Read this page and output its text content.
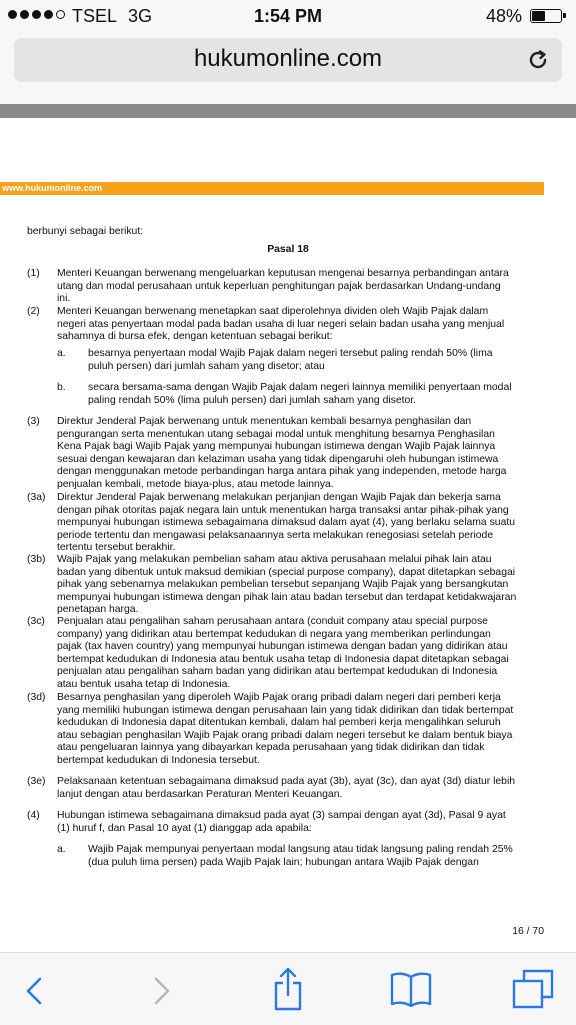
TSEL 3G	1:54 PM	48%
hukumonline.com
www.hukumonline.com
berbunyi sebagai berikut:
Pasal 18
(1) Menteri Keuangan berwenang mengeluarkan keputusan mengenai besarnya perbandingan antara
utang dan modal perusahaan untuk keperluan penghitungan pajak berdasarkan Undang-undang
ini.
(2) Menteri Keuangan berwenang menetapkan saat diperolehnya dividen oleh Wajib Pajak dalam
negeri atas penyertaan modal pada badan usaha di luar negeri selain badan usaha yang menjual
sahamnya di bursa efek, dengan ketentuan sebagai berikut:
a. besarnya penyertaan modal Wajib Pajak dalam negeri tersebut paling rendah 50% (lima
puluh persen) dari jumlah saham yang disetor; atau
b. secara bersama-sama dengan Wajib Pajak dalam negeri lainnya memiliki penyertaan modal
paling rendah 50% (lima puluh persen) dari jumlah saham yang disetor.
(3) Direktur Jenderal Pajak berwenang untuk menentukan kembali besarnya penghasilan dan
pengurangan serta menentukan utang sebagai modal untuk menghitung besarnya Penghasilan
Kena Pajak bagi Wajib Pajak yang mempunyai hubungan istimewa dengan Wajib Pajak lainnya
sesuai dengan kewajaran dan kelaziman usaha yang tidak dipengaruhi oleh hubungan istimewa
dengan menggunakan metode perbandingan harga antara pihak yang independen, metode harga
penjualan kembali, metode biaya-plus, atau metode lainnya.
(3a) Direktur Jenderal Pajak berwenang melakukan perjanjian dengan Wajib Pajak dan bekerja sama
dengan pihak otoritas pajak negara lain untuk menentukan harga transaksi antar pihak-pihak yang
mempunyai hubungan istimewa sebagaimana dimaksud dalam ayat (4), yang berlaku selama suatu
periode tertentu dan mengawasi pelaksanaannya serta melakukan renegosiasi setelah periode
tertentu tersebut berakhir.
(3b) Wajib Pajak yang melakukan pembelian saham atau aktiva perusahaan melalui pihak lain atau
badan yang dibentuk untuk maksud demikian (special purpose company), dapat ditetapkan sebagai
pihak yang sebenarnya melakukan pembelian tersebut sepanjang Wajib Pajak yang bersangkutan
mempunyai hubungan istimewa dengan pihak lain atau badan tersebut dan terdapat ketidakwajaran
penetapan harga.
(3c) Penjualan atau pengalihan saham perusahaan antara (conduit company atau special purpose
company) yang didirikan atau bertempat kedudukan di negara yang memberikan perlindungan
pajak (tax haven country) yang mempunyai hubungan istimewa dengan badan yang didirikan atau
bertempat kedudukan di Indonesia atau bentuk usaha tetap di Indonesia dapat ditetapkan sebagai
penjualan atau pengalihan saham badan yang didirikan atau bertempat kedudukan di Indonesia
atau bentuk usaha tetap di Indonesia.
(3d) Besarnya penghasilan yang diperoleh Wajib Pajak orang pribadi dalam negeri dari pemberi kerja
yang memiliki hubungan istimewa dengan perusahaan lain yang tidak didirikan dan tidak bertempat
kedudukan di Indonesia dapat ditentukan kembali, dalam hal pemberi kerja mengalihkan seluruh
atau sebagian penghasilan Wajib Pajak orang pribadi dalam negeri tersebut ke dalam bentuk biaya
atau pengeluaran lainnya yang dibayarkan kepada perusahaan yang tidak didirikan dan tidak
bertempat kedudukan di Indonesia tersebut.
(3e) Pelaksanaan ketentuan sebagaimana dimaksud pada ayat (3b), ayat (3c), dan ayat (3d) diatur lebih
lanjut dengan atau berdasarkan Peraturan Menteri Keuangan.
(4) Hubungan istimewa sebagaimana dimaksud pada ayat (3) sampai dengan ayat (3d), Pasal 9 ayat
(1) huruf f, dan Pasal 10 ayat (1) dianggap ada apabila:
a. Wajib Pajak mempunyai penyertaan modal langsung atau tidak langsung paling rendah 25%
(dua puluh lima persen) pada Wajib Pajak lain; hubungan antara Wajib Pajak dengan
16 / 70
